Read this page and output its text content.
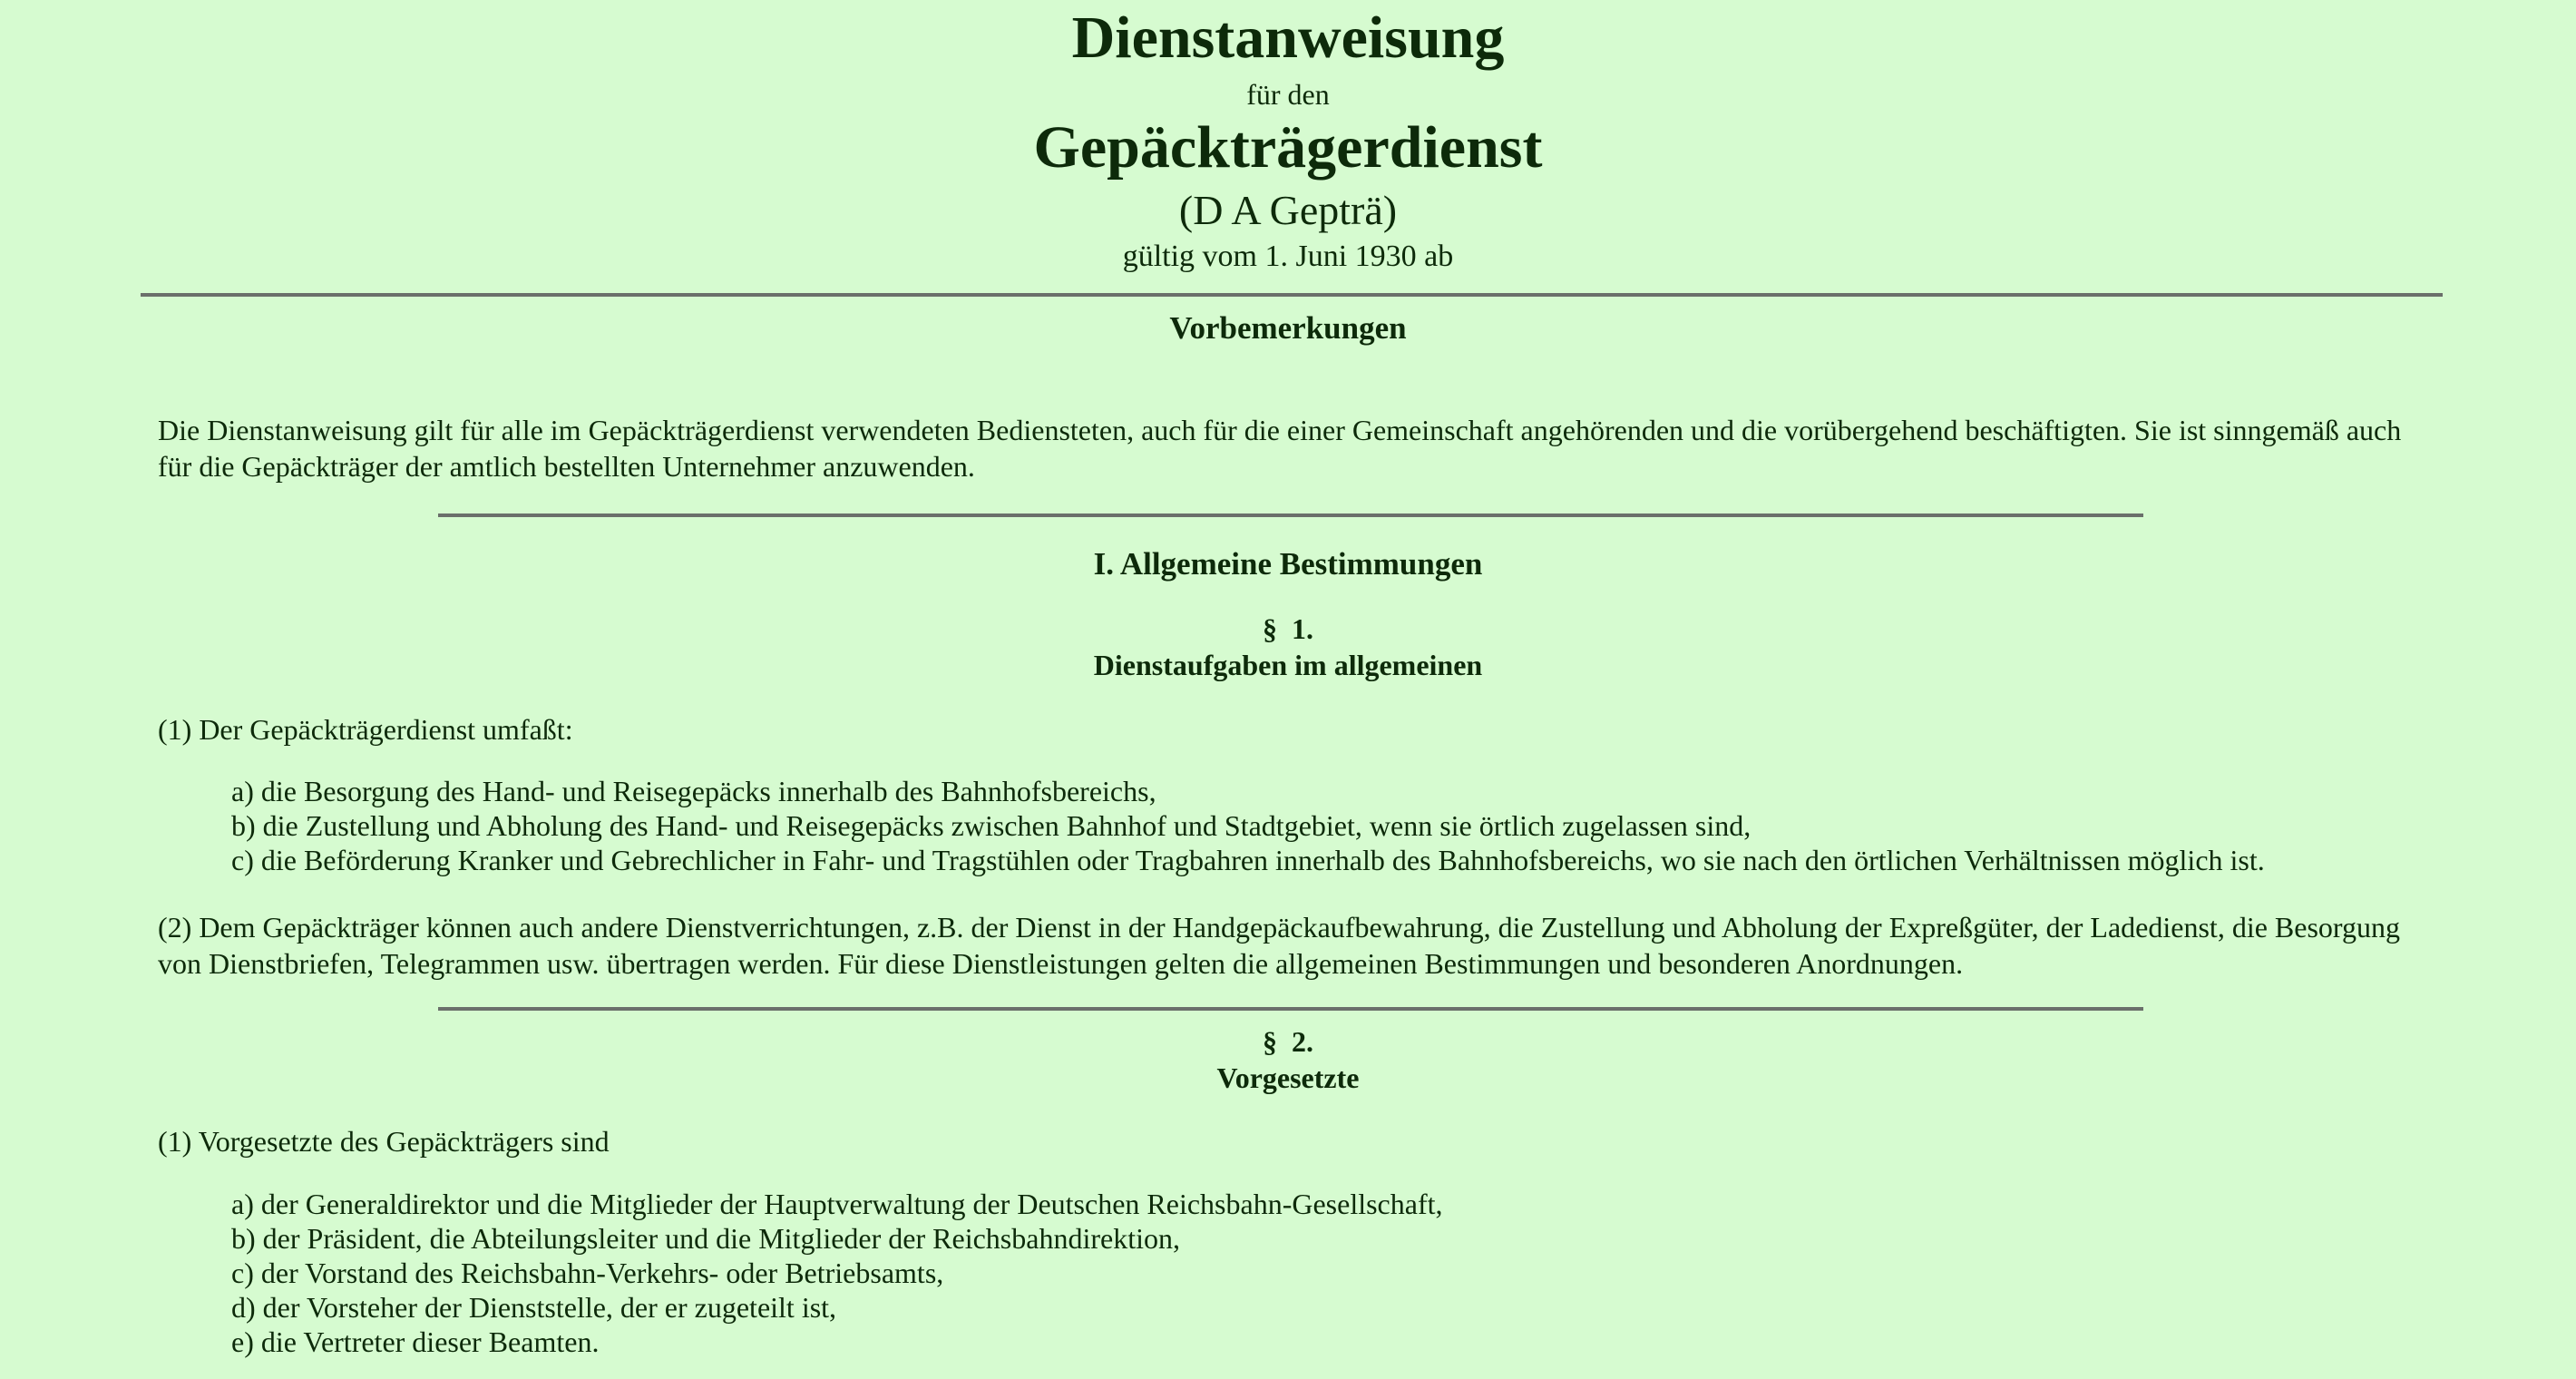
Dienstanweisung
für den
Gepäckträgerdienst
(D A Gepträ)
gültig vom 1. Juni 1930 ab
Vorbemerkungen
Die Dienstanweisung gilt für alle im Gepäckträgerdienst verwendeten Bediensteten, auch für die einer Gemeinschaft angehörenden und die vorübergehend beschäftigten. Sie ist sinngemäß auch für die Gepäckträger der amtlich bestellten Unternehmer anzuwenden.
I. Allgemeine Bestimmungen
§  1.
Dienstaufgaben im allgemeinen
(1) Der Gepäckträgerdienst umfaßt:
a) die Besorgung des Hand- und Reisegepäcks innerhalb des Bahnhofsbereichs,
b) die Zustellung und Abholung des Hand- und Reisegepäcks zwischen Bahnhof und Stadtgebiet, wenn sie örtlich zugelassen sind,
c) die Beförderung Kranker und Gebrechlicher in Fahr- und Tragstühlen oder Tragbahren innerhalb des Bahnhofsbereichs, wo sie nach den örtlichen Verhältnissen möglich ist.
(2) Dem Gepäckträger können auch andere Dienstverrichtungen, z.B. der Dienst in der Handgepäckaufbewahrung, die Zustellung und Abholung der Expreßgüter, der Ladedienst, die Besorgung von Dienstbriefen, Telegrammen usw. übertragen werden. Für diese Dienstleistungen gelten die allgemeinen Bestimmungen und besonderen Anordnungen.
§  2.
Vorgesetzte
(1) Vorgesetzte des Gepäckträgers sind
a) der Generaldirektor und die Mitglieder der Hauptverwaltung der Deutschen Reichsbahn-Gesellschaft,
b) der Präsident, die Abteilungsleiter und die Mitglieder der Reichsbahndirektion,
c) der Vorstand des Reichsbahn-Verkehrs- oder Betriebsamts,
d) der Vorsteher der Dienststelle, der er zugeteilt ist,
e) die Vertreter dieser Beamten.
